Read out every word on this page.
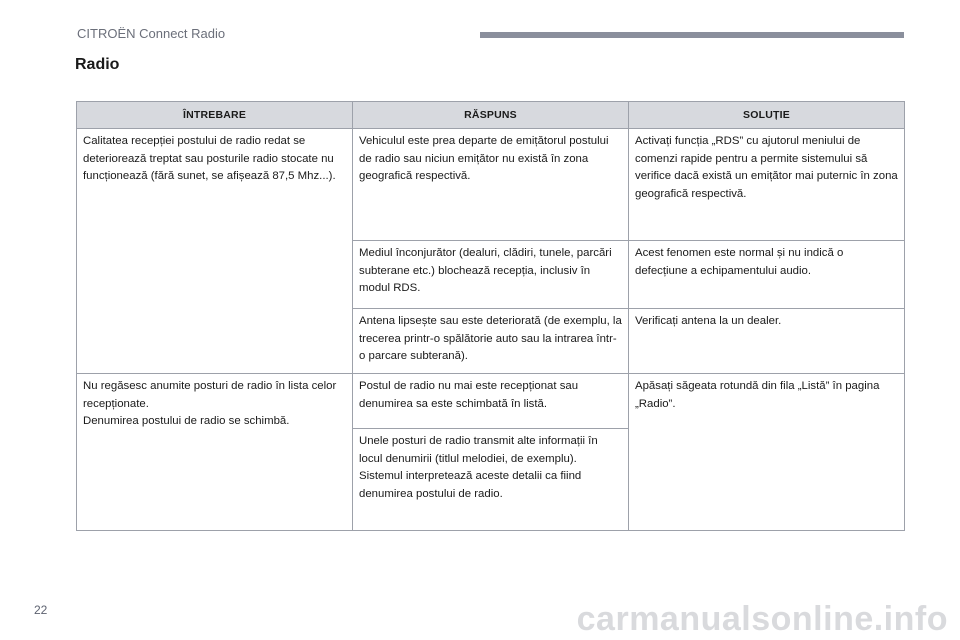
CITROËN Connect Radio
Radio
ÎNTREBARE	RĂSPUNS	SOLUȚIE

Calitatea recepției postului de radio redat se deteriorează treptat sau posturile radio stocate nu funcționează (fără sunet, se afișează 87,5 Mhz...).	Vehiculul este prea departe de emițătorul postului de radio sau niciun emițător nu există în zona geografică respectivă.	Activați funcția „RDS” cu ajutorul meniului de comenzi rapide pentru a permite sistemului să verifice dacă există un emițător mai puternic în zona geografică respectivă.

	Mediul înconjurător (dealuri, clădiri, tunele, parcări subterane etc.) blochează recepția, inclusiv în modul RDS.	Acest fenomen este normal și nu indică o defecțiune a echipamentului audio.

	Antena lipsește sau este deteriorată (de exemplu, la trecerea printr-o spălătorie auto sau la intrarea într-o parcare subterană).	Verificați antena la un dealer.

Nu regăsesc anumite posturi de radio în lista celor recepționate.
Denumirea postului de radio se schimbă.	Postul de radio nu mai este recepționat sau denumirea sa este schimbată în listă.	Apăsați săgeata rotundă din fila „Listă” în pagina „Radio”.

	Unele posturi de radio transmit alte informații în locul denumirii (titlul melodiei, de exemplu). Sistemul interpretează aceste detalii ca fiind denumirea postului de radio.	
22	carmanualsonline.info
